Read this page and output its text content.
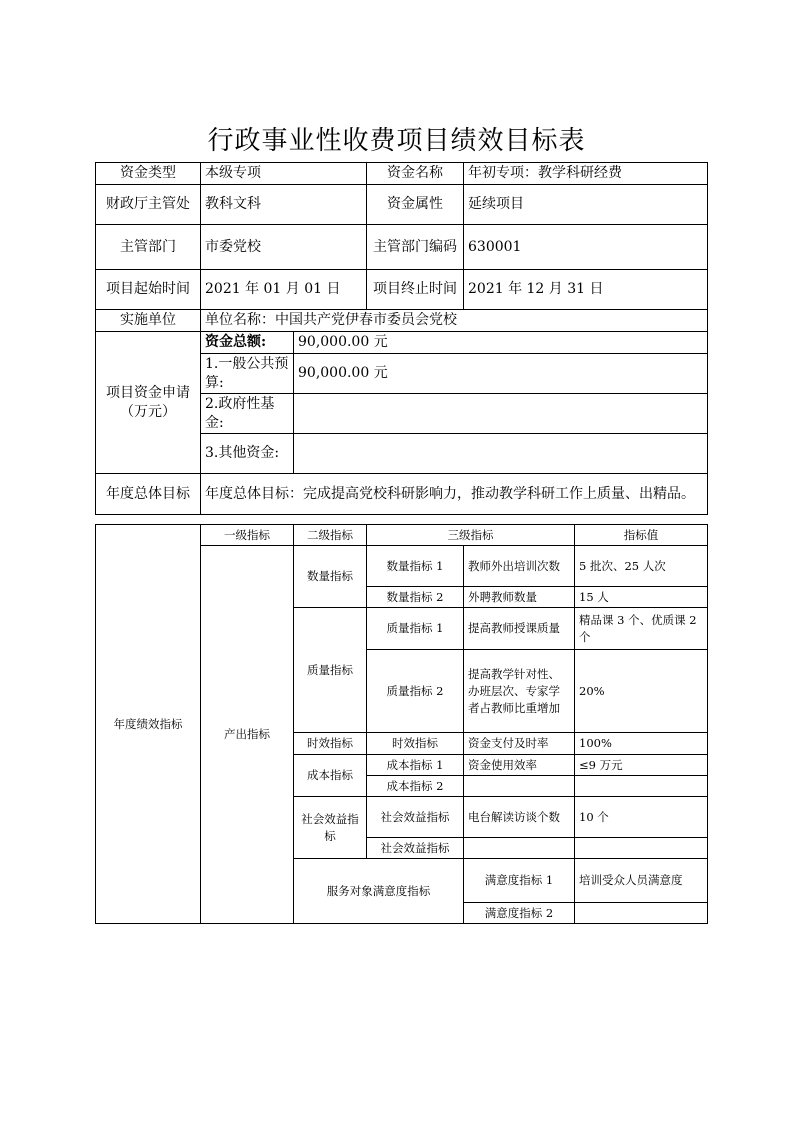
行政事业性收费项目绩效目标表
资金类型	本级专项		资金名称	年初专项：教学科研经费
财政厅主管处	教科文科		资金属性	延续项目
主管部门	市委党校		主管部门编码	630001
项目起始时间	2021 年 01 月 01 日		项目终止时间	2021 年 12 月 31 日
实施单位	单位名称：中国共产党伊春市委员会党校			
项目资金申请（万元）	资金总额:	90,000.00 元		
	1.一般公共预算:	90,000.00 元		
	2.政府性基金:			
	3.其他资金:			
年度总体目标	年度总体目标：完成提高党校科研影响力，推动教学科研工作上质量、出精品。			
年度绩效指标	一级指标	二级指标	三级指标		指标值	
	产出指标	数量指标	数量指标 1	教师外出培训次数	5 批次、25 人次	
			数量指标 2	外聘教师数量	15 人	
		质量指标	质量指标 1	提高教师授课质量	精品课 3 个、优质课 2 个	
			质量指标 2	提高教学针对性、办班层次、专家学者占教师比重增加	20%	
		时效指标	时效指标	资金支付及时率	100%	
		成本指标	成本指标 1	资金使用效率	≤9 万元	
			成本指标 2			
		社会效益指标	社会效益指标	电台解读访谈个数	10 个	
			社会效益指标			
		服务对象满意度指标		满意度指标 1	培训受众人员满意度	
				满意度指标 2		
